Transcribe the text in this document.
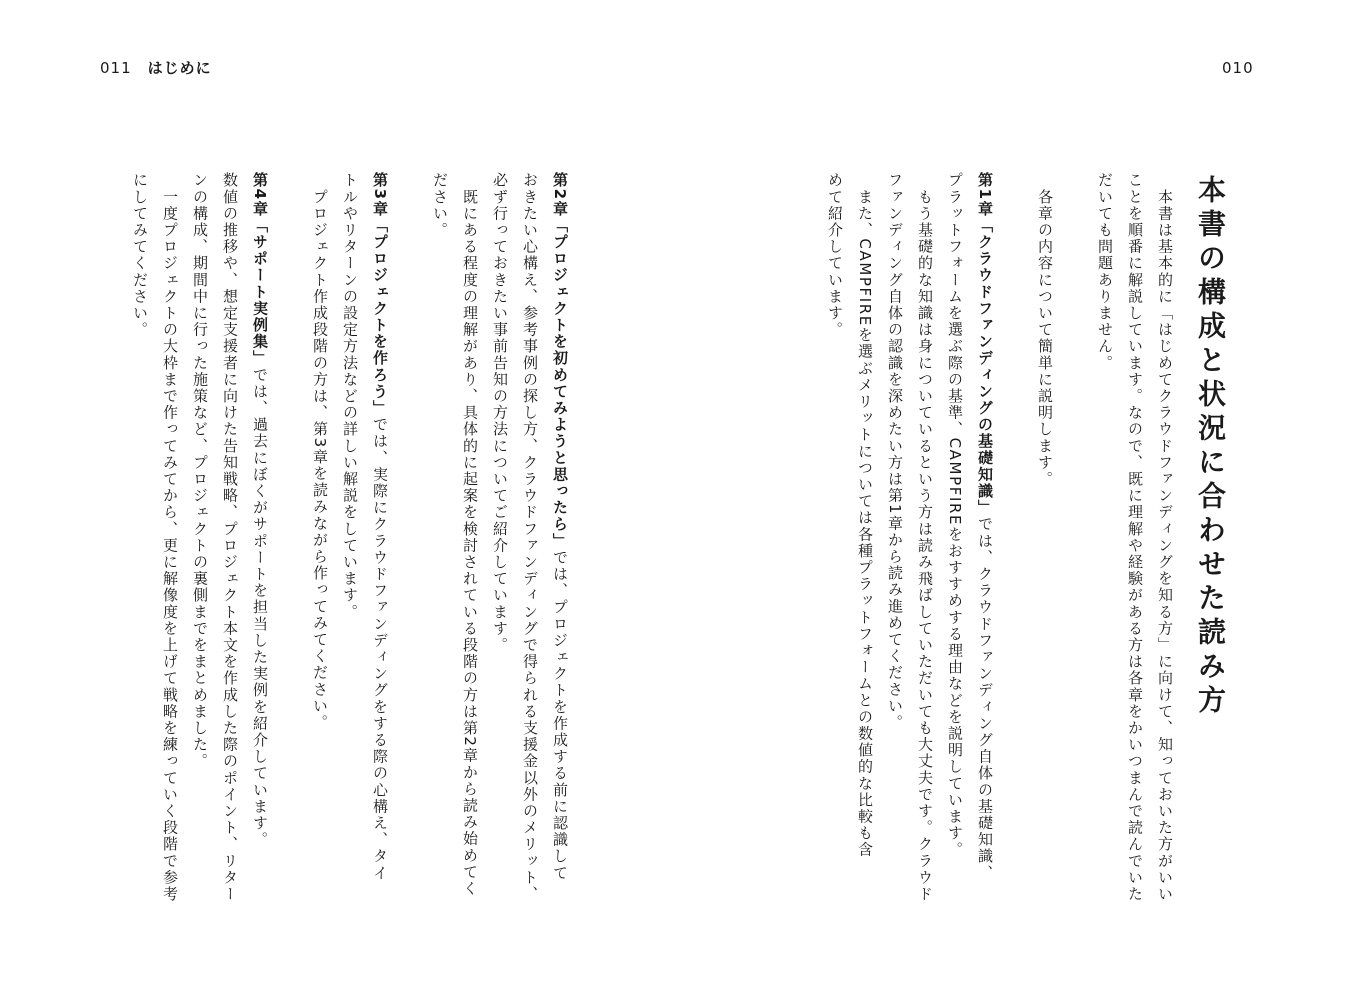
011 はじめに	010
本書の構成と状況に合わせた読み方

　本書は基本的に「はじめてクラウドファンディングを知る方」に向けて、知っておいた方がいい

ことを順番に解説しています。なので、既に理解や経験がある方は各章をかいつまんで読んでいた

だいても問題ありません。

　各章の内容について簡単に説明します。

第1章「クラウドファンディングの基礎知識」では、クラウドファンディング自体の基礎知識、

プラットフォームを選ぶ際の基準、CAMPFIREをおすすめする理由などを説明しています。

　もう基礎的な知識は身についているという方は読み飛ばしていただいても大丈夫です。クラウド

ファンディング自体の認識を深めたい方は第1章から読み進めてください。

　また、CAMPFIREを選ぶメリットについては各種プラットフォームとの数値的な比較も含

めて紹介しています。

第2章「プロジェクトを初めてみようと思ったら」では、プロジェクトを作成する前に認識して

おきたい心構え、参考事例の探し方、クラウドファンディングで得られる支援金以外のメリット、

必ず行っておきたい事前告知の方法についてご紹介しています。

　既にある程度の理解があり、具体的に起案を検討されている段階の方は第2章から読み始めてく

ださい。

第3章「プロジェクトを作ろう」では、実際にクラウドファンディングをする際の心構え、タイ

トルやリターンの設定方法などの詳しい解説をしています。

　プロジェクト作成段階の方は、第3章を読みながら作ってみてください。

第4章「サポート実例集」では、過去にぼくがサポートを担当した実例を紹介しています。

数値の推移や、想定支援者に向けた告知戦略、プロジェクト本文を作成した際のポイント、リター

ンの構成、期間中に行った施策など、プロジェクトの裏側までをまとめました。

　一度プロジェクトの大枠まで作ってみてから、更に解像度を上げて戦略を練っていく段階で参考

にしてみてください。
